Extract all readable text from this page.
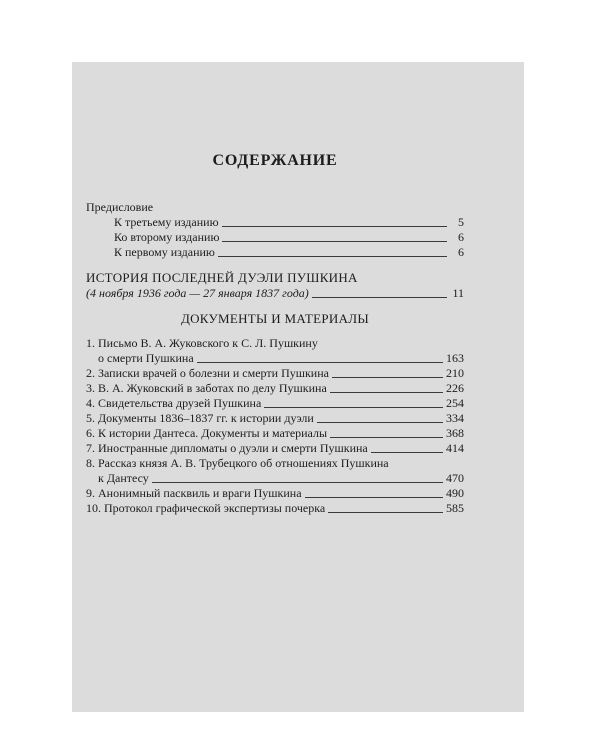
СОДЕРЖАНИЕ
Предисловие
К третьему изданию	5
Ко второму изданию	6
К первому изданию	6
ИСТОРИЯ ПОСЛЕДНЕЙ ДУЭЛИ ПУШКИНА
(4 ноября 1936 года — 27 января 1837 года)	11
ДОКУМЕНТЫ И МАТЕРИАЛЫ
1. Письмо В. А. Жуковского к С. Л. Пушкину
о смерти Пушкина	163
2. Записки врачей о болезни и смерти Пушкина	210
3. В. А. Жуковский в заботах по делу Пушкина	226
4. Свидетельства друзей Пушкина	254
5. Документы 1836–1837 гг. к истории дуэли	334
6. К истории Дантеса. Документы и материалы	368
7. Иностранные дипломаты о дуэли и смерти Пушкина	414
8. Рассказ князя А. В. Трубецкого об отношениях Пушкина
к Дантесу	470
9. Анонимный пасквиль и враги Пушкина	490
10. Протокол графической экспертизы почерка	585
